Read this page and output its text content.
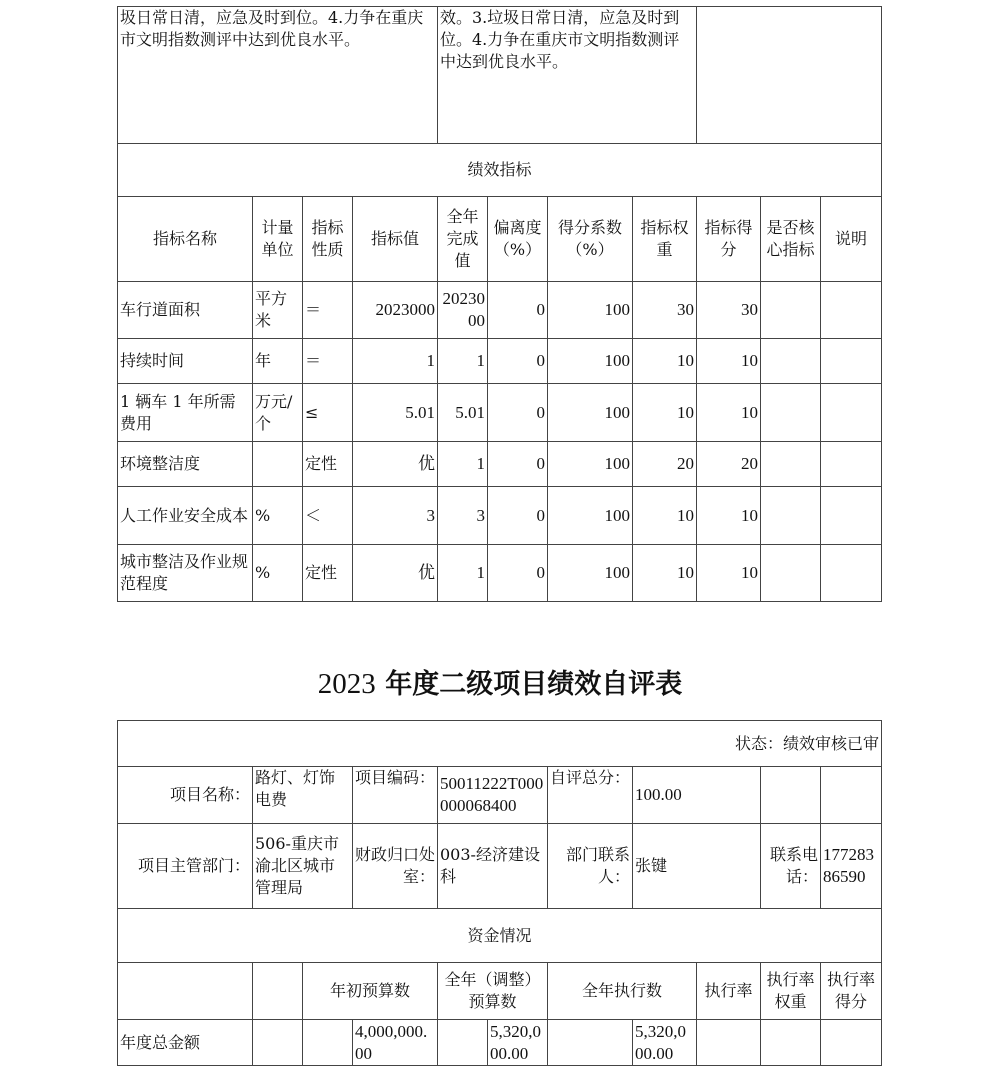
圾日常日清，应急及时到位。4.力争在重庆市文明指数测评中达到优良水平。				效。3.垃圾日常日清，应急及时到位。4.力争在重庆市文明指数测评中达到优良水平。						
绩效指标										
指标名称	计量单位	指标性质	指标值	全年完成值	偏离度（%）	得分系数（%）	指标权重	指标得分	是否核心指标	说明
车行道面积	平方米	＝	2023000	2023000	0	100	30	30		
持续时间	年	＝	1	1	0	100	10	10		
1 辆车 1 年所需费用	万元/个	≤	5.01	5.01	0	100	10	10		
环境整洁度		定性	优	1	0	100	20	20		
人工作业安全成本	%	＜	3	3	0	100	10	10		
城市整洁及作业规范程度	%	定性	优	1	0	100	10	10		
2023 年度二级项目绩效自评表
状态：绩效审核已审										
项目名称：	路灯、灯饰电费		项目编码：	50011222T000000068400		自评总分：	100.00			
项目主管部门：	506-重庆市渝北区城市管理局		财政归口处室：	003-经济建设科		部门联系人：	张键		联系电话：	17728386590
资金情况										
		年初预算数		全年（调整）预算数		全年执行数		执行率	执行率权重	执行率得分
年度总金额			4,000,000.00		5,320,000.00		5,320,000.00			
